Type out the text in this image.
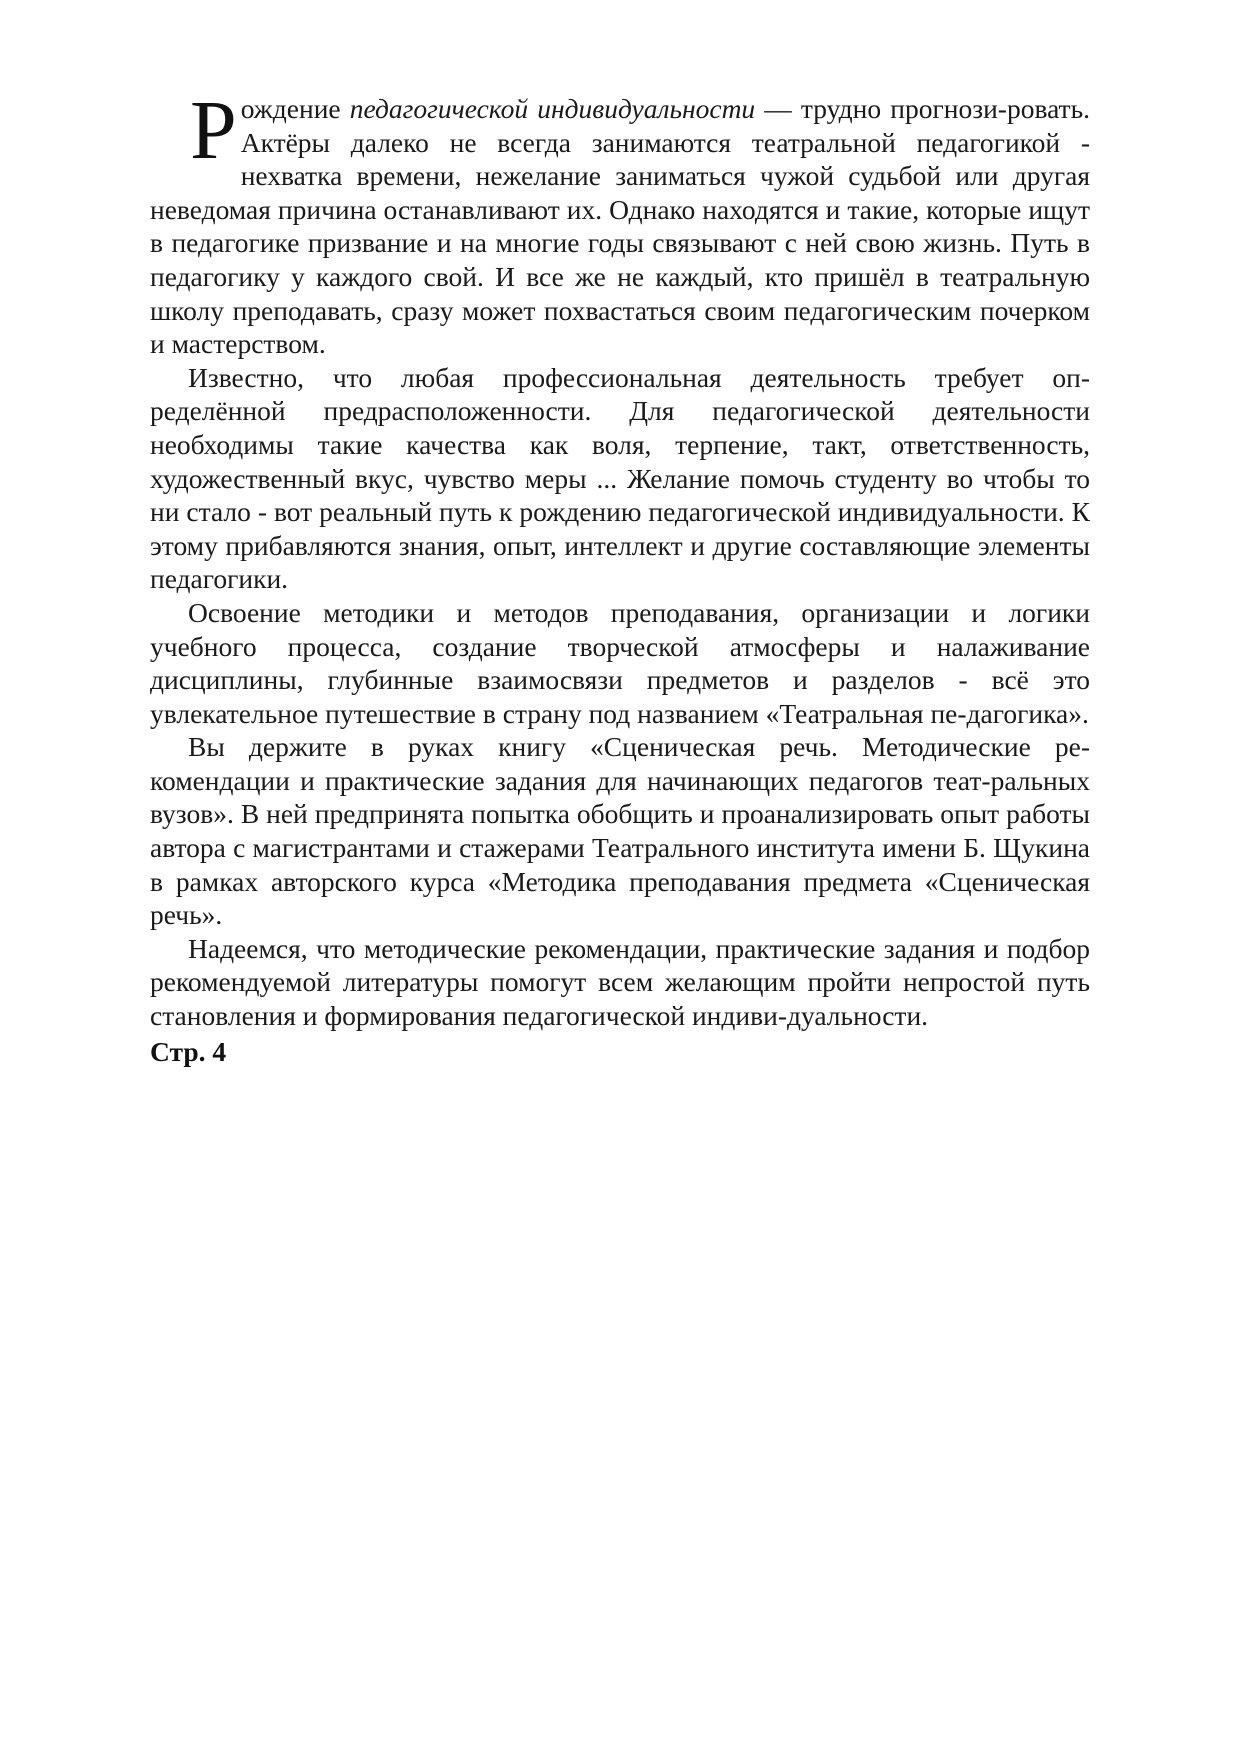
Рождение педагогической индивидуальности — трудно прогнози-ровать. Актёры далеко не всегда занимаются театральной педагогикой - нехватка времени, нежелание заниматься чужой судьбой или другая неведомая причина останавливают их. Однако находятся и такие, которые ищут в педагогике призвание и на многие годы связывают с ней свою жизнь. Путь в педагогику у каждого свой. И все же не каждый, кто пришёл в театральную школу преподавать, сразу может похвастаться своим педагогическим почерком и мастерством.

Известно, что любая профессиональная деятельность требует оп-ределённой предрасположенности. Для педагогической деятельности необходимы такие качества как воля, терпение, такт, ответственность, художественный вкус, чувство меры ... Желание помочь студенту во чтобы то ни стало - вот реальный путь к рождению педагогической индивидуальности. К этому прибавляются знания, опыт, интеллект и другие составляющие элементы педагогики.

Освоение методики и методов преподавания, организации и логики учебного процесса, создание творческой атмосферы и налаживание дисциплины, глубинные взаимосвязи предметов и разделов - всё это увлекательное путешествие в страну под названием «Театральная пе-дагогика».

Вы держите в руках книгу «Сценическая речь. Методические ре-комендации и практические задания для начинающих педагогов теат-ральных вузов». В ней предпринята попытка обобщить и проанализировать опыт работы автора с магистрантами и стажерами Театрального института имени Б. Щукина в рамках авторского курса «Методика преподавания предмета «Сценическая речь».

Надеемся, что методические рекомендации, практические задания и подбор рекомендуемой литературы помогут всем желающим пройти непростой путь становления и формирования педагогической индиви-дуальности.

Стр. 4
